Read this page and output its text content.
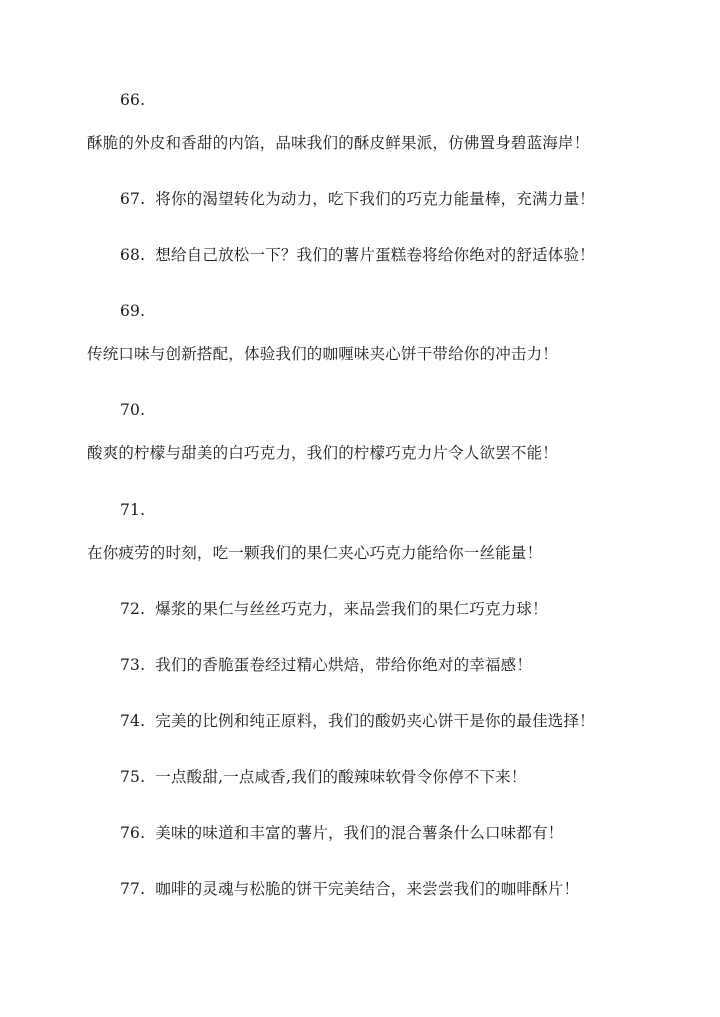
66.
酥脆的外皮和香甜的内馅，品味我们的酥皮鲜果派，仿佛置身碧蓝海岸！
67. 将你的渴望转化为动力，吃下我们的巧克力能量棒，充满力量！
68. 想给自己放松一下？我们的薯片蛋糕卷将给你绝对的舒适体验！
69.
传统口味与创新搭配，体验我们的咖喱味夹心饼干带给你的冲击力！
70.
酸爽的柠檬与甜美的白巧克力，我们的柠檬巧克力片令人欲罢不能！
71.
在你疲劳的时刻，吃一颗我们的果仁夹心巧克力能给你一丝能量！
72. 爆浆的果仁与丝丝巧克力，来品尝我们的果仁巧克力球！
73. 我们的香脆蛋卷经过精心烘焙，带给你绝对的幸福感！
74. 完美的比例和纯正原料，我们的酸奶夹心饼干是你的最佳选择！
75. 一点酸甜,一点咸香,我们的酸辣味软骨令你停不下来！
76. 美味的味道和丰富的薯片，我们的混合薯条什么口味都有！
77. 咖啡的灵魂与松脆的饼干完美结合，来尝尝我们的咖啡酥片！
